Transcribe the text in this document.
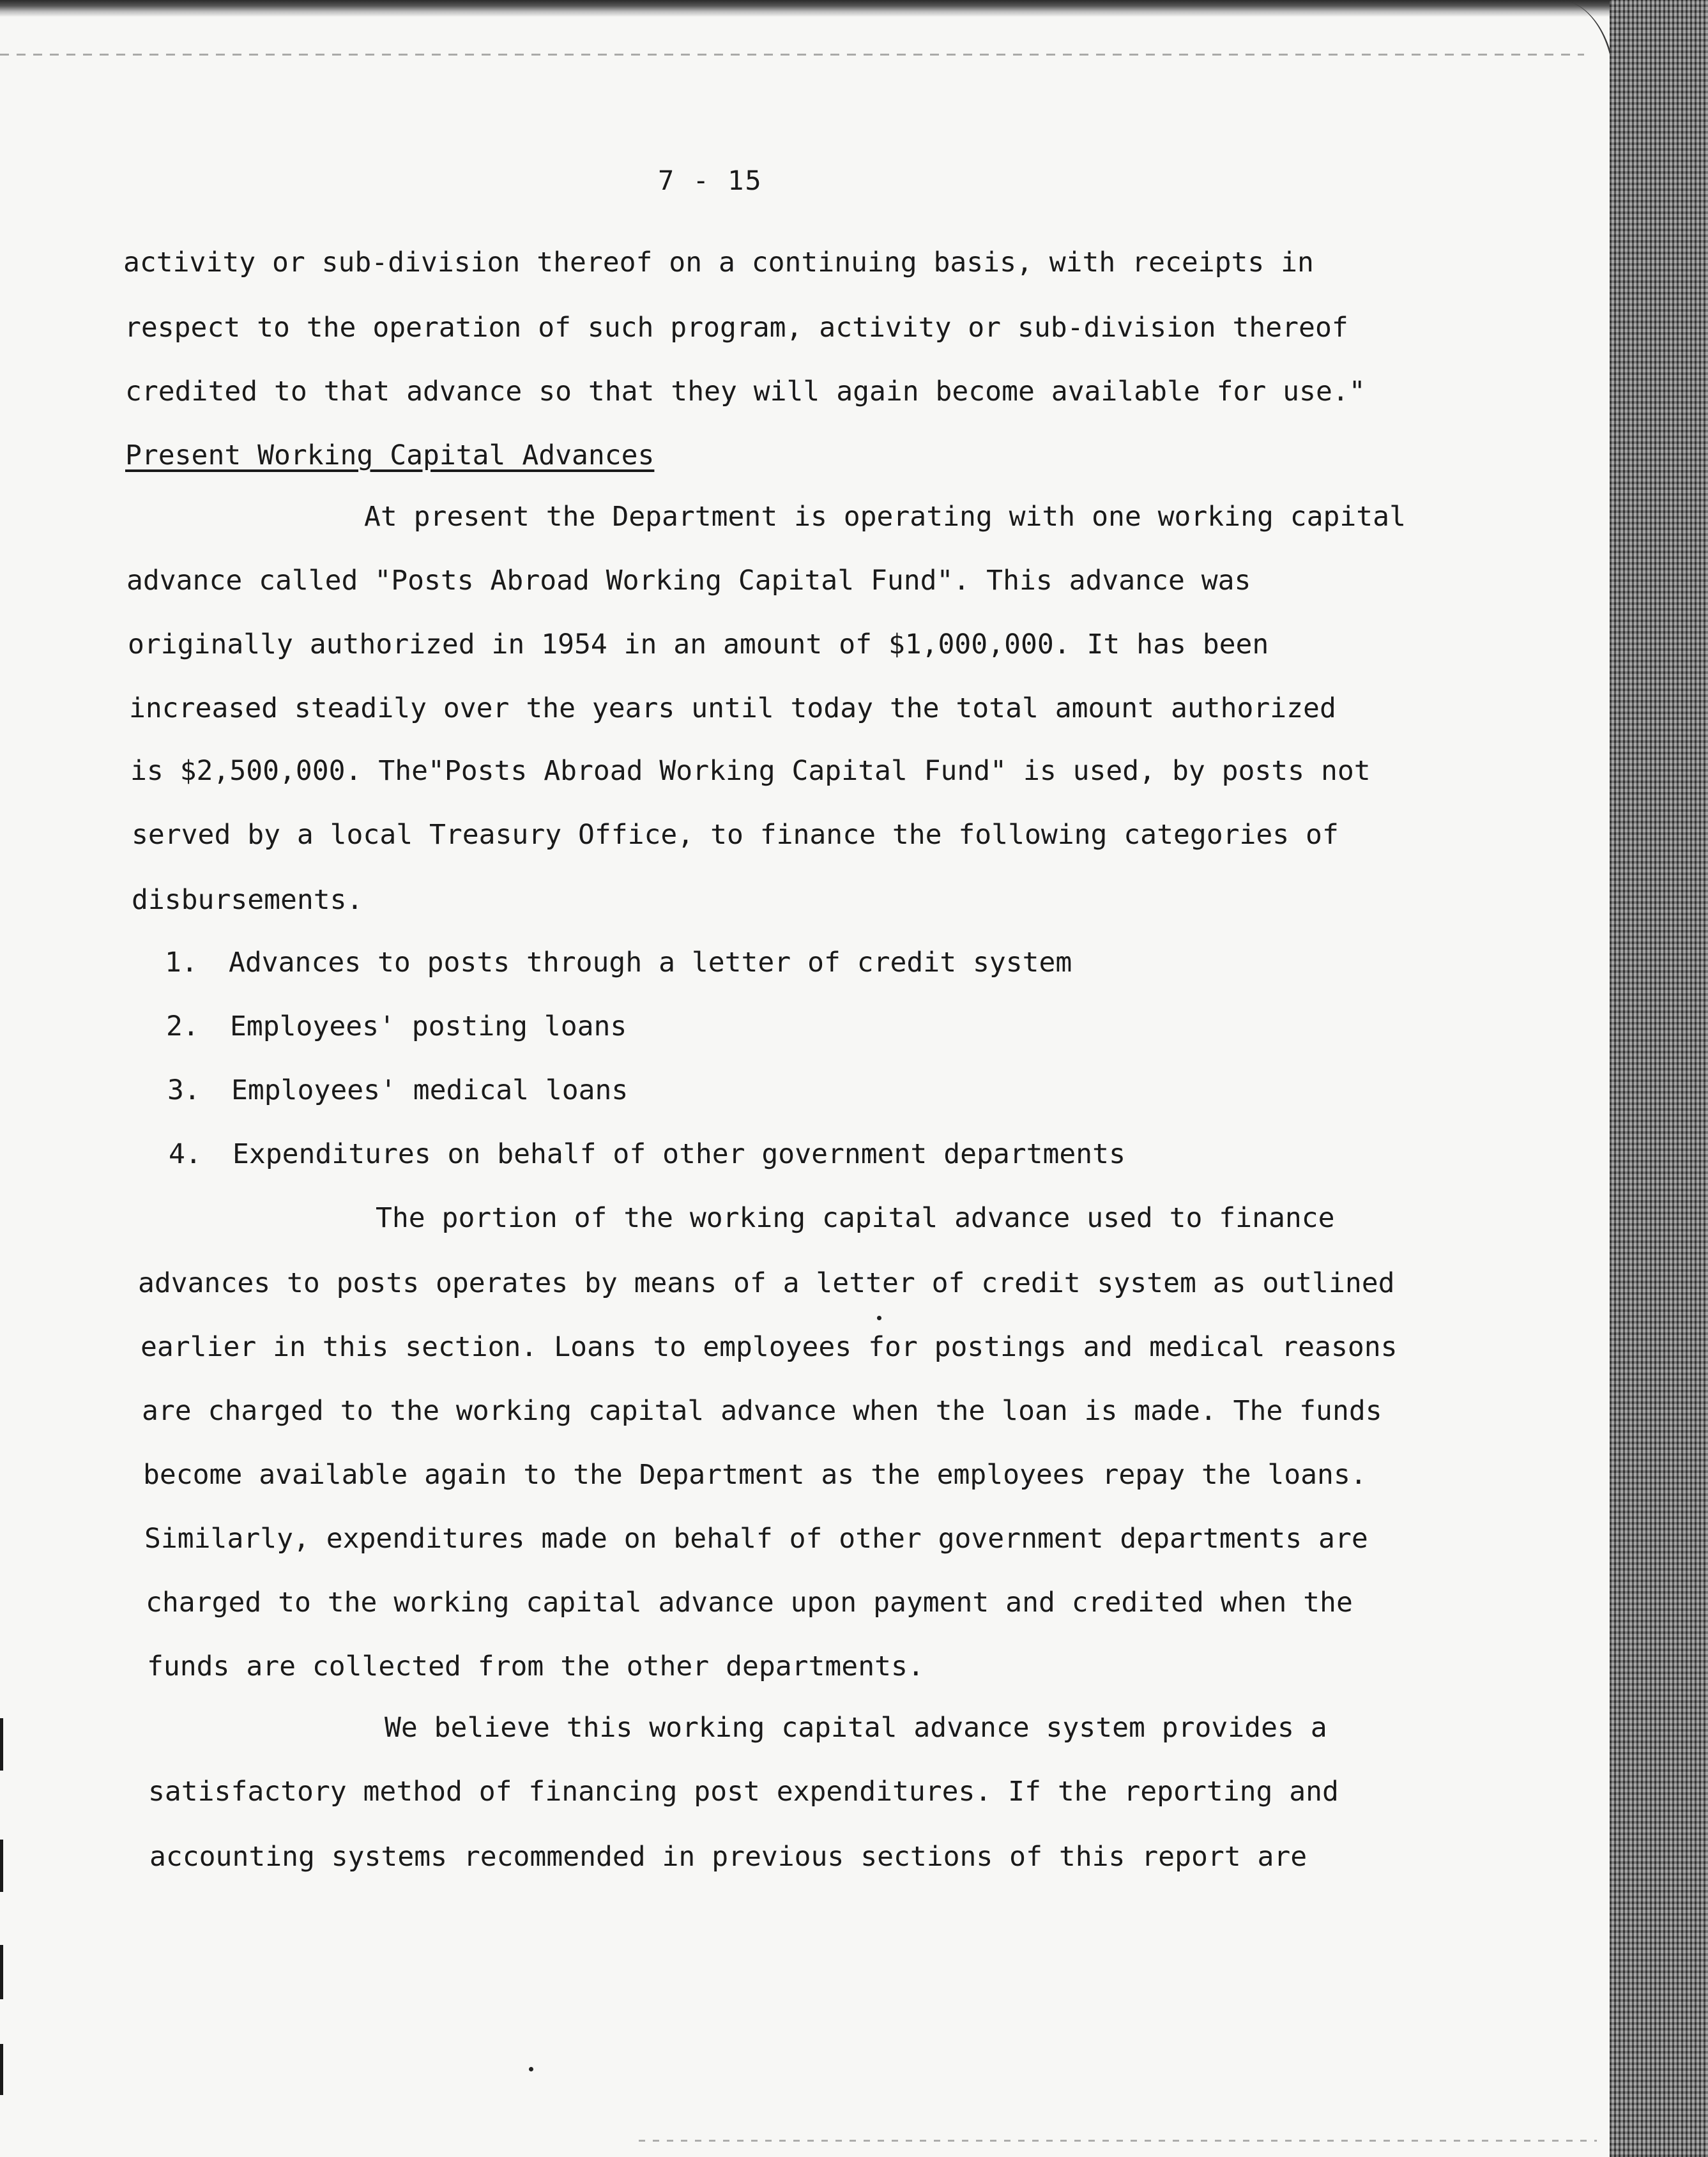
7 - 15
activity or sub-division thereof on a continuing basis, with receipts in
respect to the operation of such program, activity or sub-division thereof
credited to that advance so that they will again become available for use."
Present Working Capital Advances
At present the Department is operating with one working capital
advance called "Posts Abroad Working Capital Fund". This advance was
originally authorized in 1954 in an amount of $1,000,000. It has been
increased steadily over the years until today the total amount authorized
is $2,500,000. The"Posts Abroad Working Capital Fund" is used, by posts not
served by a local Treasury Office, to finance the following categories of
disbursements.
1. Advances to posts through a letter of credit system
2. Employees' posting loans
3. Employees' medical loans
4. Expenditures on behalf of other government departments
The portion of the working capital advance used to finance
advances to posts operates by means of a letter of credit system as outlined
earlier in this section. Loans to employees for postings and medical reasons
are charged to the working capital advance when the loan is made. The funds
become available again to the Department as the employees repay the loans.
Similarly, expenditures made on behalf of other government departments are
charged to the working capital advance upon payment and credited when the
funds are collected from the other departments.
We believe this working capital advance system provides a
satisfactory method of financing post expenditures. If the reporting and
accounting systems recommended in previous sections of this report are
